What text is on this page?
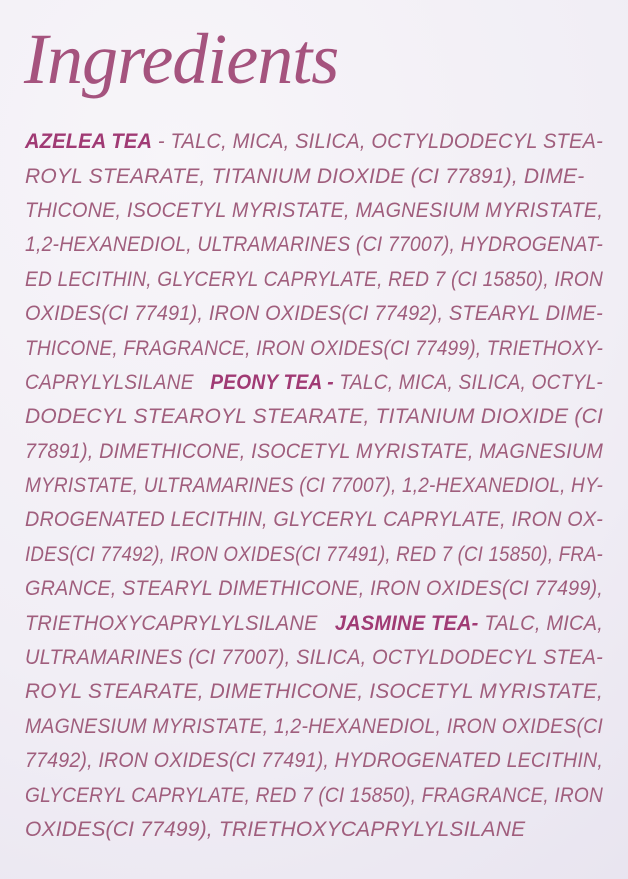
Ingredients
AZELEA TEA - TALC, MICA, SILICA, OCTYLDODECYL STEA-
ROYL STEARATE, TITANIUM DIOXIDE (CI 77891), DIME-
THICONE, ISOCETYL MYRISTATE, MAGNESIUM MYRISTATE,
1,2-HEXANEDIOL, ULTRAMARINES (CI 77007), HYDROGENAT-
ED LECITHIN, GLYCERYL CAPRYLATE, RED 7 (CI 15850), IRON
OXIDES(CI 77491), IRON OXIDES(CI 77492), STEARYL DIME-
THICONE, FRAGRANCE, IRON OXIDES(CI 77499), TRIETHOXY-
CAPRYLYLSILANE   PEONY TEA - TALC, MICA, SILICA, OCTYL-
DODECYL STEAROYL STEARATE, TITANIUM DIOXIDE (CI
77891), DIMETHICONE, ISOCETYL MYRISTATE, MAGNESIUM
MYRISTATE, ULTRAMARINES (CI 77007), 1,2-HEXANEDIOL, HY-
DROGENATED LECITHIN, GLYCERYL CAPRYLATE, IRON OX-
IDES(CI 77492), IRON OXIDES(CI 77491), RED 7 (CI 15850), FRA-
GRANCE, STEARYL DIMETHICONE, IRON OXIDES(CI 77499),
TRIETHOXYCAPRYLYLSILANE   JASMINE TEA- TALC, MICA,
ULTRAMARINES (CI 77007), SILICA, OCTYLDODECYL STEA-
ROYL STEARATE, DIMETHICONE, ISOCETYL MYRISTATE,
MAGNESIUM MYRISTATE, 1,2-HEXANEDIOL, IRON OXIDES(CI
77492), IRON OXIDES(CI 77491), HYDROGENATED LECITHIN,
GLYCERYL CAPRYLATE, RED 7 (CI 15850), FRAGRANCE, IRON
OXIDES(CI 77499), TRIETHOXYCAPRYLYLSILANE
